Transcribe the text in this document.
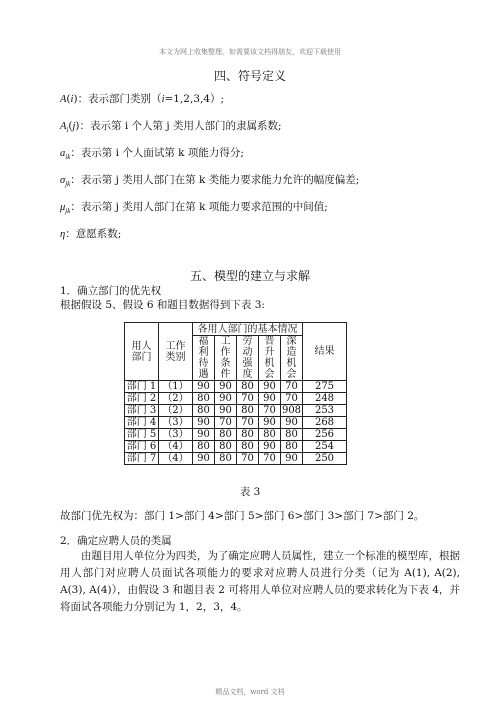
本文为网上收集整理，如需要该文档得朋友，欢迎下载使用
四、符号定义
A(i)：表示部门类别（i=1,2,3,4）;
$A_i(j)$：表示第 i 个人第 j 类用人部门的隶属系数;
$a_{ik}$：表示第 i 个人面试第 k 项能力得分;
$\sigma_{jk}$：表示第 j 类用人部门在第 k 类能力要求能力允许的幅度偏差;
$\mu_{jk}$：表示第 j 类用人部门在第 k 项能力要求范围的中间值;
η：意愿系数;
五、模型的建立与求解
1．确立部门的优先权
根据假设 5、假设 6 和题目数据得到下表 3:
用人部门	工作类别	各用人部门的基本情况					结果

		福
利
待
遇	工
作
条
件	劳
动
强
度	晋
升
机
会	深
造
机
会	

部门 1	（1）	90	90	80	90	70	275
部门 2	（2）	80	90	70	90	70	248
部门 3	（2）	80	90	80	70	908	253
部门 4	（3）	90	70	70	90	90	268
部门 5	（3）	90	80	80	80	80	256
部门 6	（4）	80	80	80	90	80	254
部门 7	（4）	90	80	70	70	90	250
表 3
故部门优先权为：部门 1>部门 4>部门 5>部门 6>部门 3>部门 7>部门 2。
2．确定应聘人员的类属
由题目用人单位分为四类，为了确定应聘人员属性，建立一个标准的模型库，根据用人部门对应聘人员面试各项能力的要求对应聘人员进行分类（记为 A(1), A(2), A(3), A(4)），由假设 3 和题目表 2 可将用人单位对应聘人员的要求转化为下表 4，并将面试各项能力分别记为 1，2，3，4。
精品文档，word 文档
